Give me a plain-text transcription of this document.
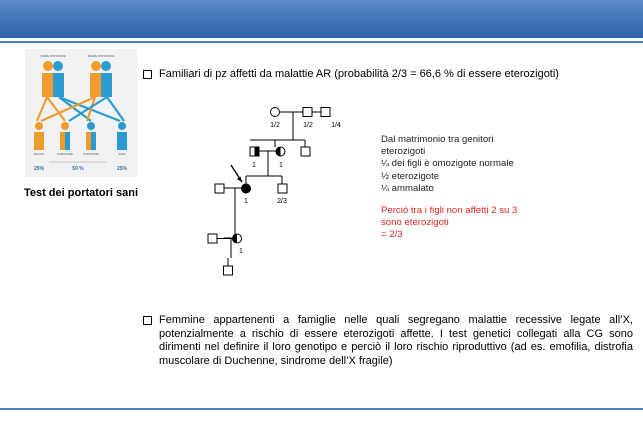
PADRE PORTATORE	MADRE PORTATRICE
MALATO	PORTATORE	PORTATORE	SANO
25%	50 %	25%
Test dei portatori sani
Familiari di pz affetti da malattie AR (probabilità 2/3 = 66,6 % di essere eterozigoti)
1/2	1/2	1/4
1	1
1	2/3
1
Dal matrimonio tra genitori
eterozigoti
¼ dei figli è omozigote normale
½ eterozigote
¼ ammalato
Perciò tra i figli non affetti 2 su 3
sono eterozigoti
= 2/3
Femmine appartenenti a famiglie nelle quali segregano malattie recessive legate all’X, potenzialmente a rischio di essere eterozigoti affette. I test genetici collegati alla CG sono dirimenti nel definire il loro genotipo e perciò il loro rischio riproduttivo (ad es. emofilia, distrofia muscolare di Duchenne, sindrome dell’X fragile)
